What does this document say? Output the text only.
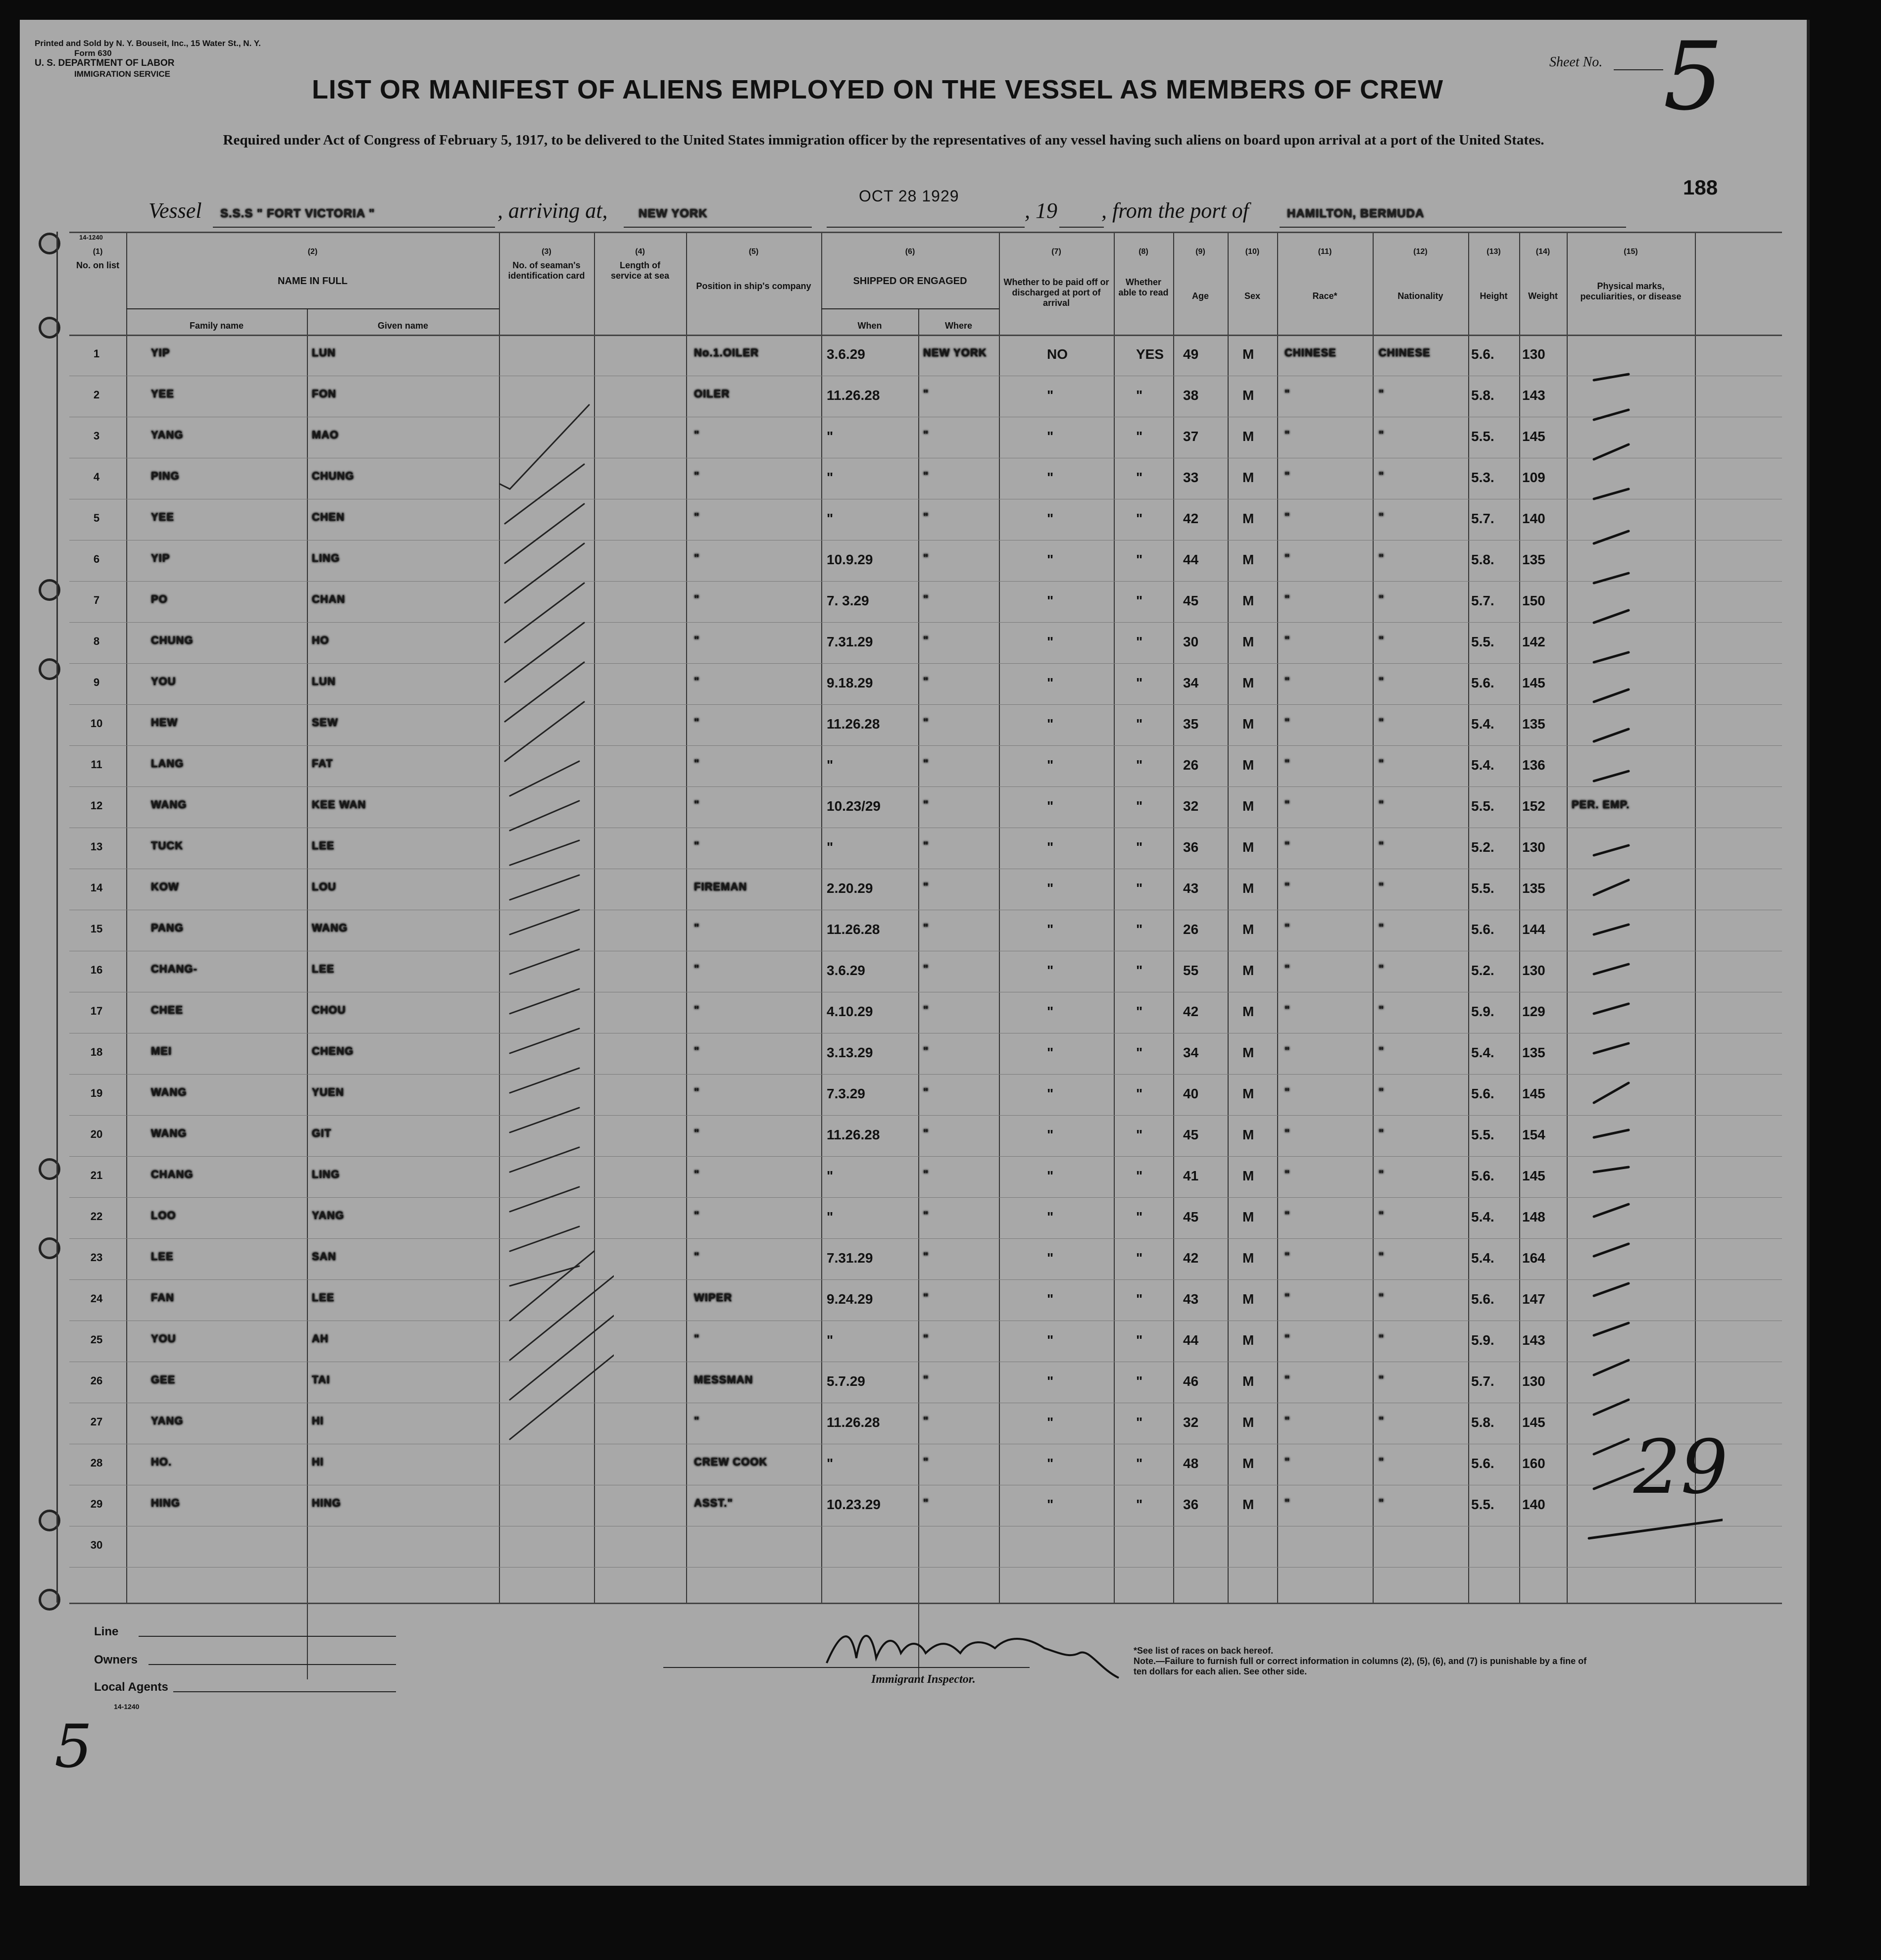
Printed and Sold by N. Y. Bouseit, Inc., 15 Water St., N. Y.
Form 630
U. S. DEPARTMENT OF LABOR
IMMIGRATION SERVICE
Sheet No. 5
LIST OR MANIFEST OF ALIENS EMPLOYED ON THE VESSEL AS MEMBERS OF CREW
Required under Act of Congress of February 5, 1917, to be delivered to the United States immigration officer by the representatives of any vessel having such aliens on board upon arrival at a port of the United States.
188
Vessel S.S.S " FORT VICTORIA "	, arriving at,	NEW YORK
OCT 28 1929
, 19 , from the port of	HAMILTON, BERMUDA
14-1240
(1)	(2)	(3)	(4)	(5)	(6)	(7)	(8)	(9)	(10)	(11)	(12)	(13)	(14)	(15)
No. on list
NAME IN FULL
Family name	Given name
No. of seaman's identification card
Length of service at sea
Position in ship's company	SHIPPED OR ENGAGED
When	Where
Whether to be paid off or discharged at port of arrival
Whether able to read	Age	Sex	Race*	Nationality	Height	Weight
Physical marks, peculiarities, or disease
1	YIP	LUN	No.1.OILER	3.6.29	NEW YORK	NO	YES 49	M	CHINESE	CHINESE	5.6. 130
2	YEE	FON	OILER	11.26.28	"	"	"	38	M	"	"	5.8. 143
3	YANG	MAO	"	"	"	"	"	37	M	"	"	5.5. 145
4	PING	CHUNG	"	"	"	"	"	33	M	"	"	5.3. 109
5	YEE	CHEN	"	"	"	"	"	42	M	"	"	5.7. 140
6	YIP	LING	"	10.9.29	"	"	"	44	M	"	"	5.8. 135
7	PO	CHAN	"	7. 3.29	"	"	"	45	M	"	"	5.7. 150
8	CHUNG	HO	"	7.31.29	"	"	"	30	M	"	"	5.5. 142
9	YOU	LUN	"	9.18.29	"	"	"	34	M	"	"	5.6. 145
10	HEW	SEW	"	11.26.28	"	"	"	35	M	"	"	5.4. 135
11	LANG	FAT	"	"	"	"	"	26	M	"	"	5.4. 136
12	WANG	KEE WAN	"	10.23/29	"	"	"	32	M	"	"	5.5. 152 PER. EMP.
13	TUCK	LEE	"	"	"	"	"	36	M	"	"	5.2. 130
14	KOW	LOU	FIREMAN	2.20.29	"	"	"	43	M	"	"	5.5. 135
15	PANG	WANG	"	11.26.28	"	"	"	26	M	"	"	5.6. 144
16	CHANG-	LEE	"	3.6.29	"	"	"	55	M	"	"	5.2. 130
17	CHEE	CHOU	"	4.10.29	"	"	"	42	M	"	"	5.9. 129
18	MEI	CHENG	"	3.13.29	"	"	"	34	M	"	"	5.4. 135
19	WANG	YUEN	"	7.3.29	"	"	"	40	M	"	"	5.6. 145
20	WANG	GIT	"	11.26.28	"	"	"	45	M	"	"	5.5. 154
21	CHANG	LING	"	"	"	"	"	41	M	"	"	5.6. 145
22	LOO	YANG	"	"	"	"	"	45	M	"	"	5.4. 148
23	LEE	SAN	"	7.31.29	"	"	"	42	M	"	"	5.4. 164
24	FAN	LEE	WIPER	9.24.29	"	"	"	43	M	"	"	5.6. 147
25	YOU	AH	"	"	"	"	"	44	M	"	"	5.9. 143
26	GEE	TAI	MESSMAN	5.7.29	"	"	"	46	M	"	"	5.7. 130
27	YANG	HI	"	11.26.28	"	"	"	32	M	"	"	5.8. 145
28	HO.	HI	CREW COOK	"	"	"	"	48	M	"	"	5.6. 160
29	HING	HING	ASST."	10.23.29	"	"	"	36	M	"	"	5.5. 140
30
29
Line
Owners
Local Agents
14-1240
5
Immigrant Inspector.
*See list of races on back hereof.
Note.—Failure to furnish full or correct information in columns (2), (5), (6), and (7) is punishable by a fine of ten dollars for each alien. See other side.
